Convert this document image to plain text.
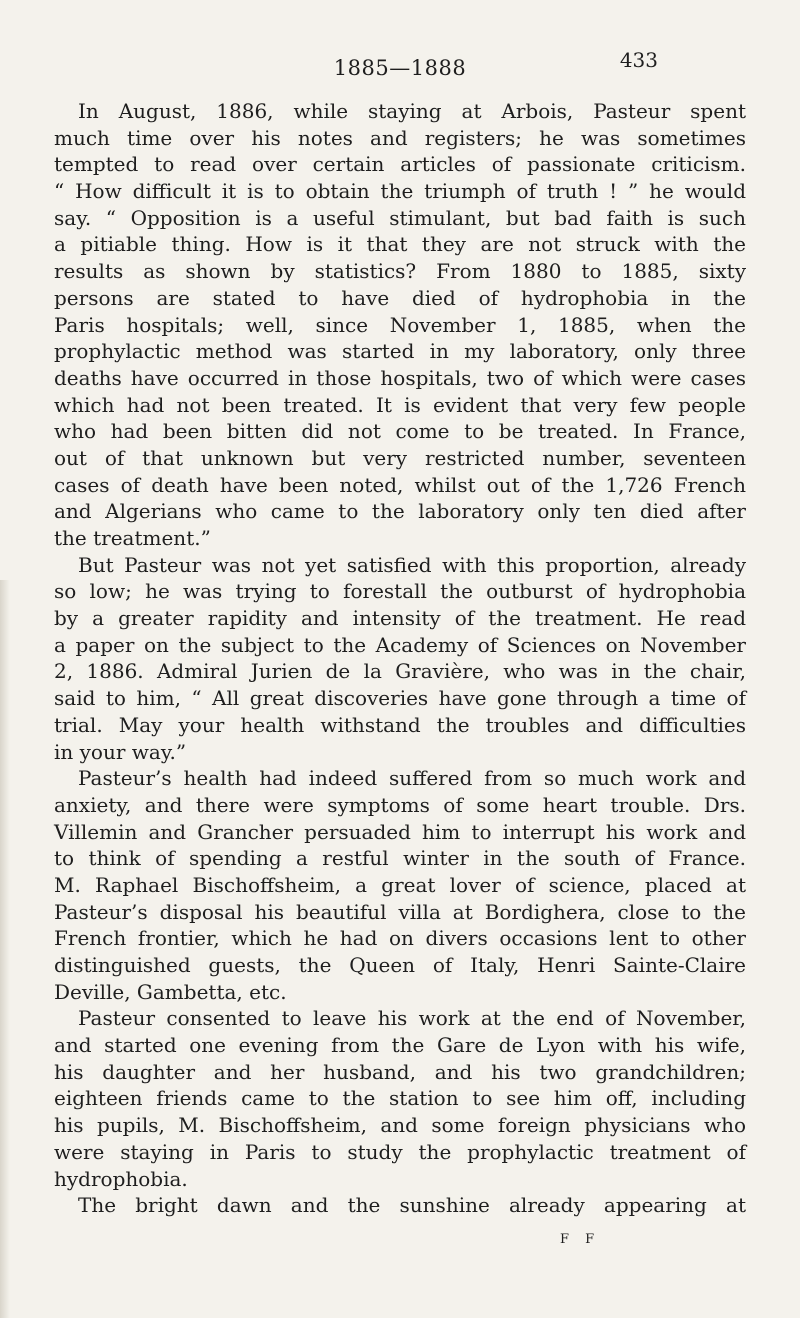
1885—1888	433
In August, 1886, while staying at Arbois, Pasteur spent
much time over his notes and registers; he was sometimes
tempted to read over certain articles of passionate criticism.
“ How difficult it is to obtain the triumph of truth ! ” he would
say. “ Opposition is a useful stimulant, but bad faith is such
a pitiable thing. How is it that they are not struck with the
results as shown by statistics? From 1880 to 1885, sixty
persons are stated to have died of hydrophobia in the
Paris hospitals; well, since November 1, 1885, when the
prophylactic method was started in my laboratory, only three
deaths have occurred in those hospitals, two of which were cases
which had not been treated. It is evident that very few people
who had been bitten did not come to be treated. In France,
out of that unknown but very restricted number, seventeen
cases of death have been noted, whilst out of the 1,726 French
and Algerians who came to the laboratory only ten died after
the treatment.”
But Pasteur was not yet satisfied with this proportion, already
so low; he was trying to forestall the outburst of hydrophobia
by a greater rapidity and intensity of the treatment. He read
a paper on the subject to the Academy of Sciences on November
2, 1886. Admiral Jurien de la Gravière, who was in the chair,
said to him, “ All great discoveries have gone through a time of
trial. May your health withstand the troubles and difficulties
in your way.”
Pasteur’s health had indeed suffered from so much work and
anxiety, and there were symptoms of some heart trouble. Drs.
Villemin and Grancher persuaded him to interrupt his work and
to think of spending a restful winter in the south of France.
M. Raphael Bischoffsheim, a great lover of science, placed at
Pasteur’s disposal his beautiful villa at Bordighera, close to the
French frontier, which he had on divers occasions lent to other
distinguished guests, the Queen of Italy, Henri Sainte-Claire
Deville, Gambetta, etc.
Pasteur consented to leave his work at the end of November,
and started one evening from the Gare de Lyon with his wife,
his daughter and her husband, and his two grandchildren;
eighteen friends came to the station to see him off, including
his pupils, M. Bischoffsheim, and some foreign physicians who
were staying in Paris to study the prophylactic treatment of
hydrophobia.
The bright dawn and the sunshine already appearing at
F F
